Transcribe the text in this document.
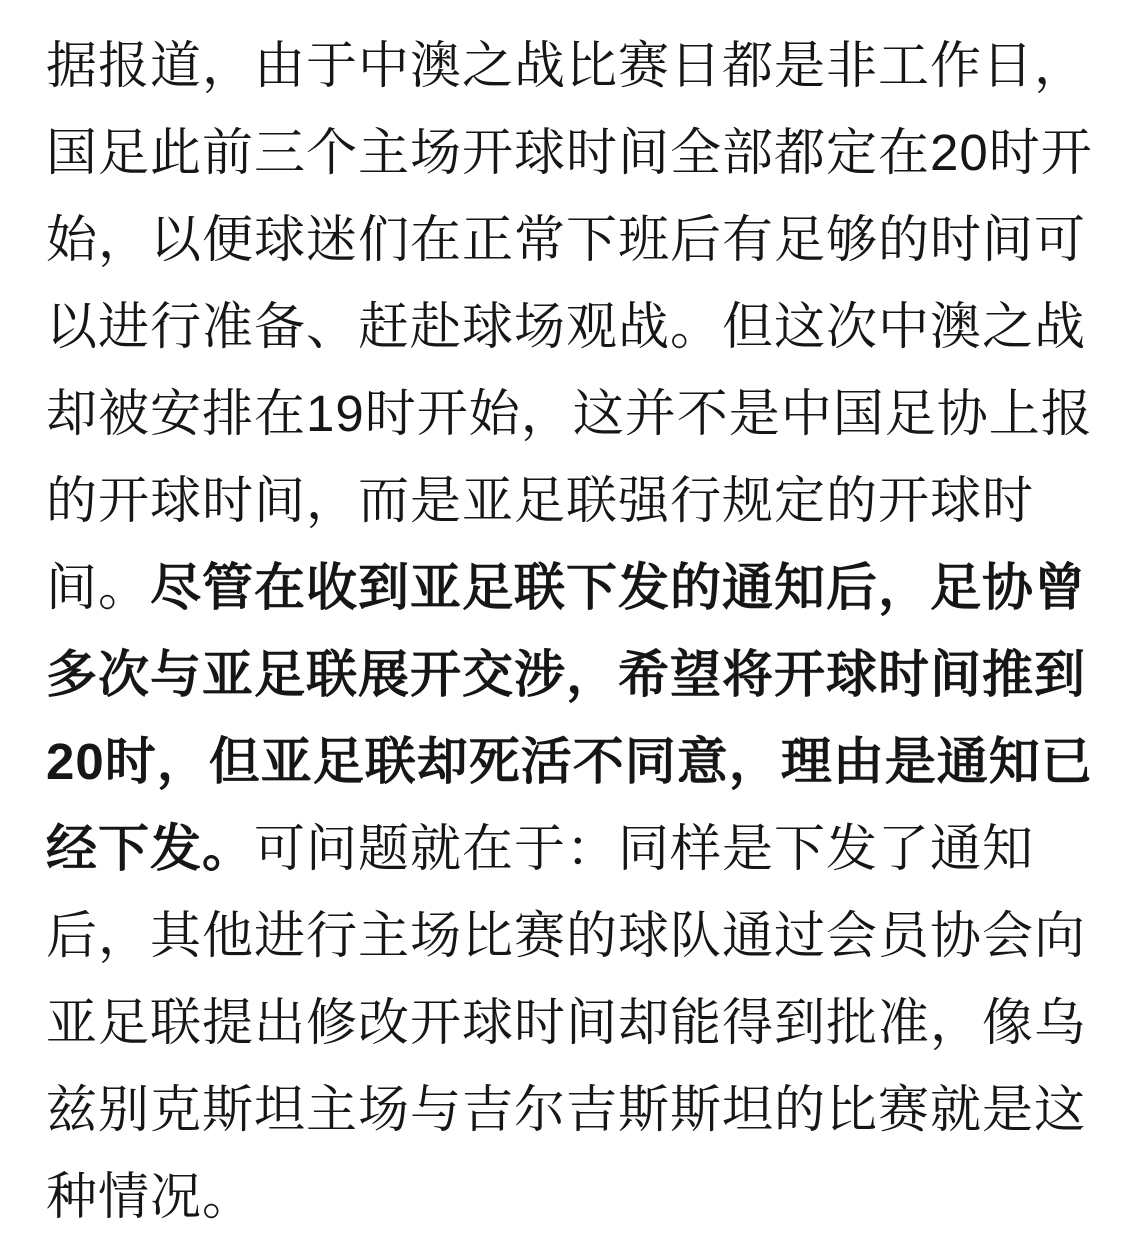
据报道，由于中澳之战比赛日都是非工作日，
国足此前三个主场开球时间全部都定在20时开
始，以便球迷们在正常下班后有足够的时间可
以进行准备、赶赴球场观战。但这次中澳之战
却被安排在19时开始，这并不是中国足协上报
的开球时间，而是亚足联强行规定的开球时
间。尽管在收到亚足联下发的通知后，足协曾
多次与亚足联展开交涉，希望将开球时间推到
20时，但亚足联却死活不同意，理由是通知已
经下发。可问题就在于：同样是下发了通知
后，其他进行主场比赛的球队通过会员协会向
亚足联提出修改开球时间却能得到批准，像乌
兹别克斯坦主场与吉尔吉斯斯坦的比赛就是这
种情况。
